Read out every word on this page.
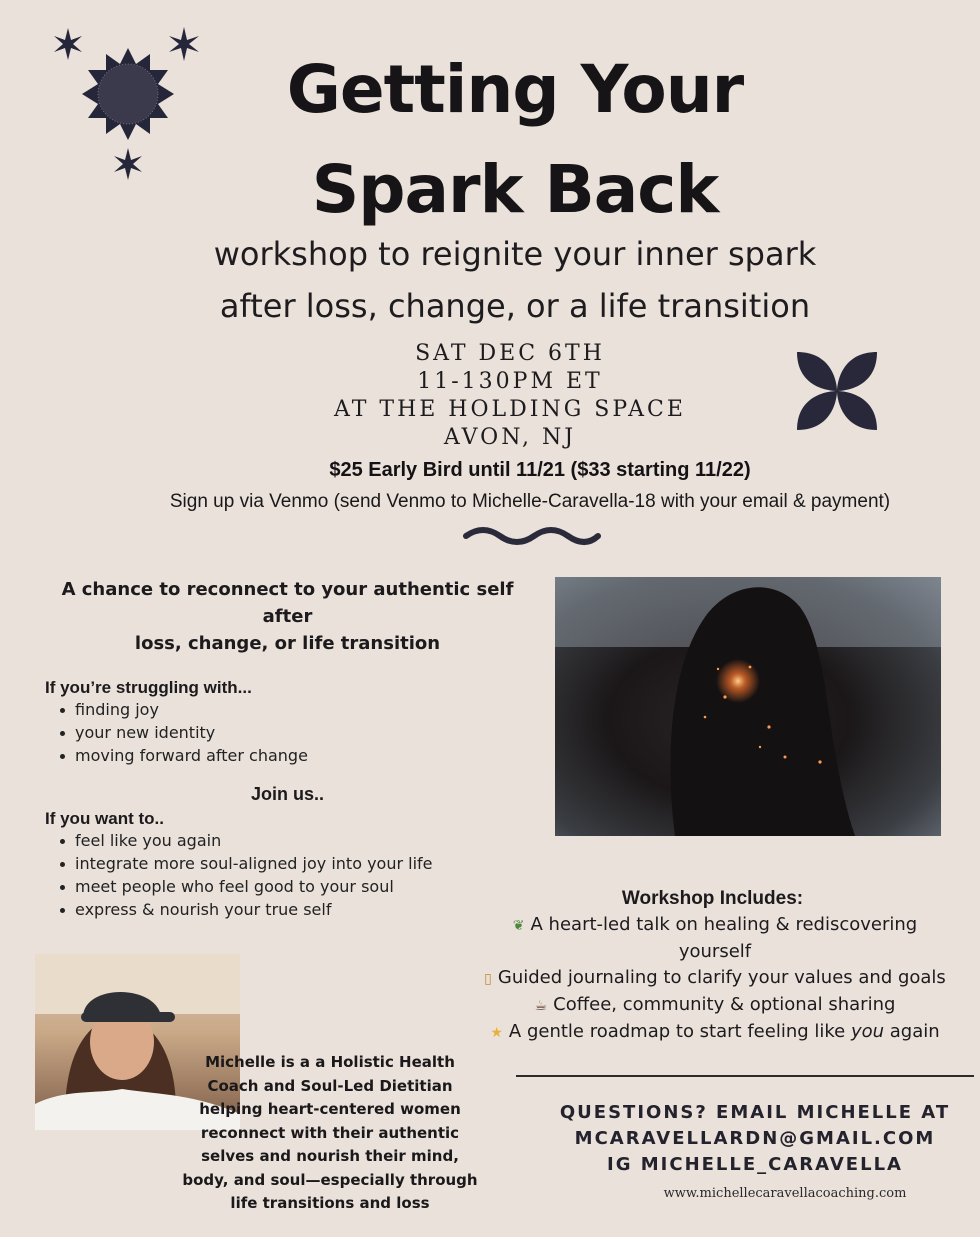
Getting Your
Spark Back
workshop to reignite your inner spark
after loss, change, or a life transition
SAT DEC 6TH
11-130PM ET
AT THE HOLDING SPACE
AVON, NJ
$25 Early Bird until 11/21 ($33 starting 11/22)
Sign up via Venmo (send Venmo to Michelle-Caravella-18 with your email & payment)
A chance to reconnect to your authentic self after
loss, change, or life transition
If you’re struggling with...
finding joy
your new identity
moving forward after change
Join us..
If you want to..
feel like you again
integrate more soul-aligned joy into your life
meet people who feel good to your soul
express & nourish your true self
Michelle is a a Holistic Health
Coach and Soul-Led Dietitian
helping heart-centered women
reconnect with their authentic
selves and nourish their mind,
body, and soul—especially through
life transitions and loss
Workshop Includes:
❦ A heart-led talk on healing & rediscovering
yourself
▯ Guided journaling to clarify your values and goals
☕ Coffee, community & optional sharing
★ A gentle roadmap to start feeling like you again
QUESTIONS? EMAIL MICHELLE AT
MCARAVELLARDN@GMAIL.COM
IG MICHELLE_CARAVELLA
www.michellecaravellacoaching.com
